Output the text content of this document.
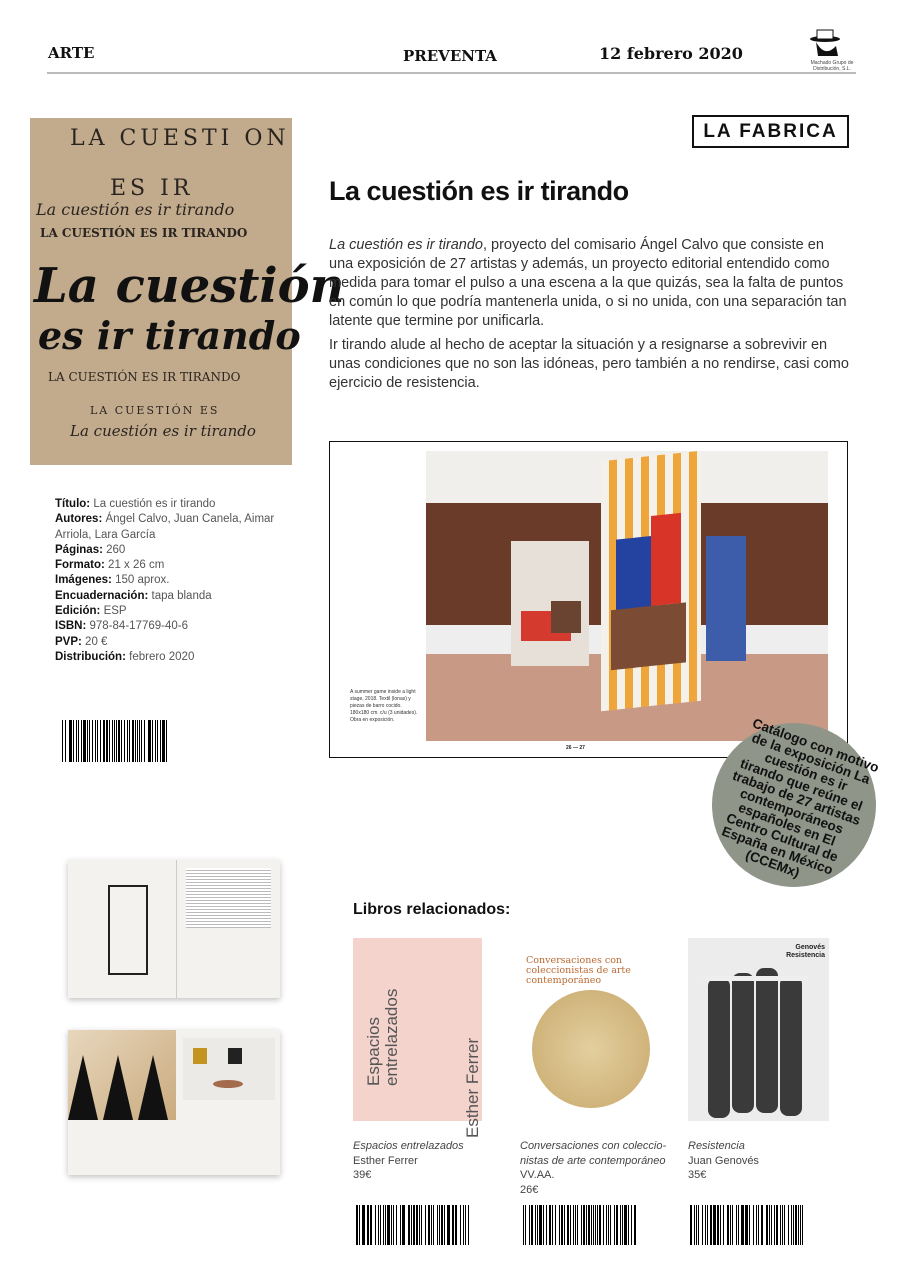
ARTE	PREVENTA	12 febrero 2020	Machado Grupo de Distribución, S.L.
LA CUESTI ON
ES IR
La cuestión es ir tirando
LA CUESTIÓN ES IR TIRANDO
La cuestión
es ir tirando
LA CUESTIÓN ES IR TIRANDO
LA CUESTIÓN ES
La cuestión es ir tirando
LA FABRICA
La cuestión es ir tirando

La cuestión es ir tirando, proyecto del comisario Ángel Calvo que consiste en una exposición de 27 artistas y además, un proyecto editorial entendido como medida para tomar el pulso a una escena a la que quizás, sea la falta de puntos en común lo que podría mantenerla unida, o si no unida, con una separación tan latente que termine por unificarla.

Ir tirando alude al hecho de aceptar la situación y a resignarse a sobrevivir en unas condiciones que no son las idóneas, pero también a no rendirse, casi como ejercicio de resistencia.

A summer game inside a light stage, 2018. Textil (lonas) y piezas de barro cocido. 180x180 cm. c/u (3 unidades). Obra en exposición.
26 — 27	Catálogo con motivo de la exposición La cuestión es ir tirando que reúne el trabajo de 27 artistas contemporáneos españoles en El Centro Cultural de España en México (CCEMx)
Título: La cuestión es ir tirando
Autores: Ángel Calvo, Juan Canela, Aimar Arriola, Lara García
Páginas: 260
Formato: 21 x 26 cm
Imágenes: 150 aprox.
Encuadernación: tapa blanda
Edición: ESP
ISBN: 978-84-17769-40-6
PVP: 20 €
Distribución: febrero 2020
Libros relacionados:
Espacios entrelazados
Esther Ferrer
Conversaciones con coleccionistas de arte contemporáneo
Genovés Resistencia
Espacios entrelazados
Esther Ferrer
39€
Conversaciones con coleccio-nistas de arte contemporáneo
VV.AA.
26€
Resistencia
Juan Genovés
35€
